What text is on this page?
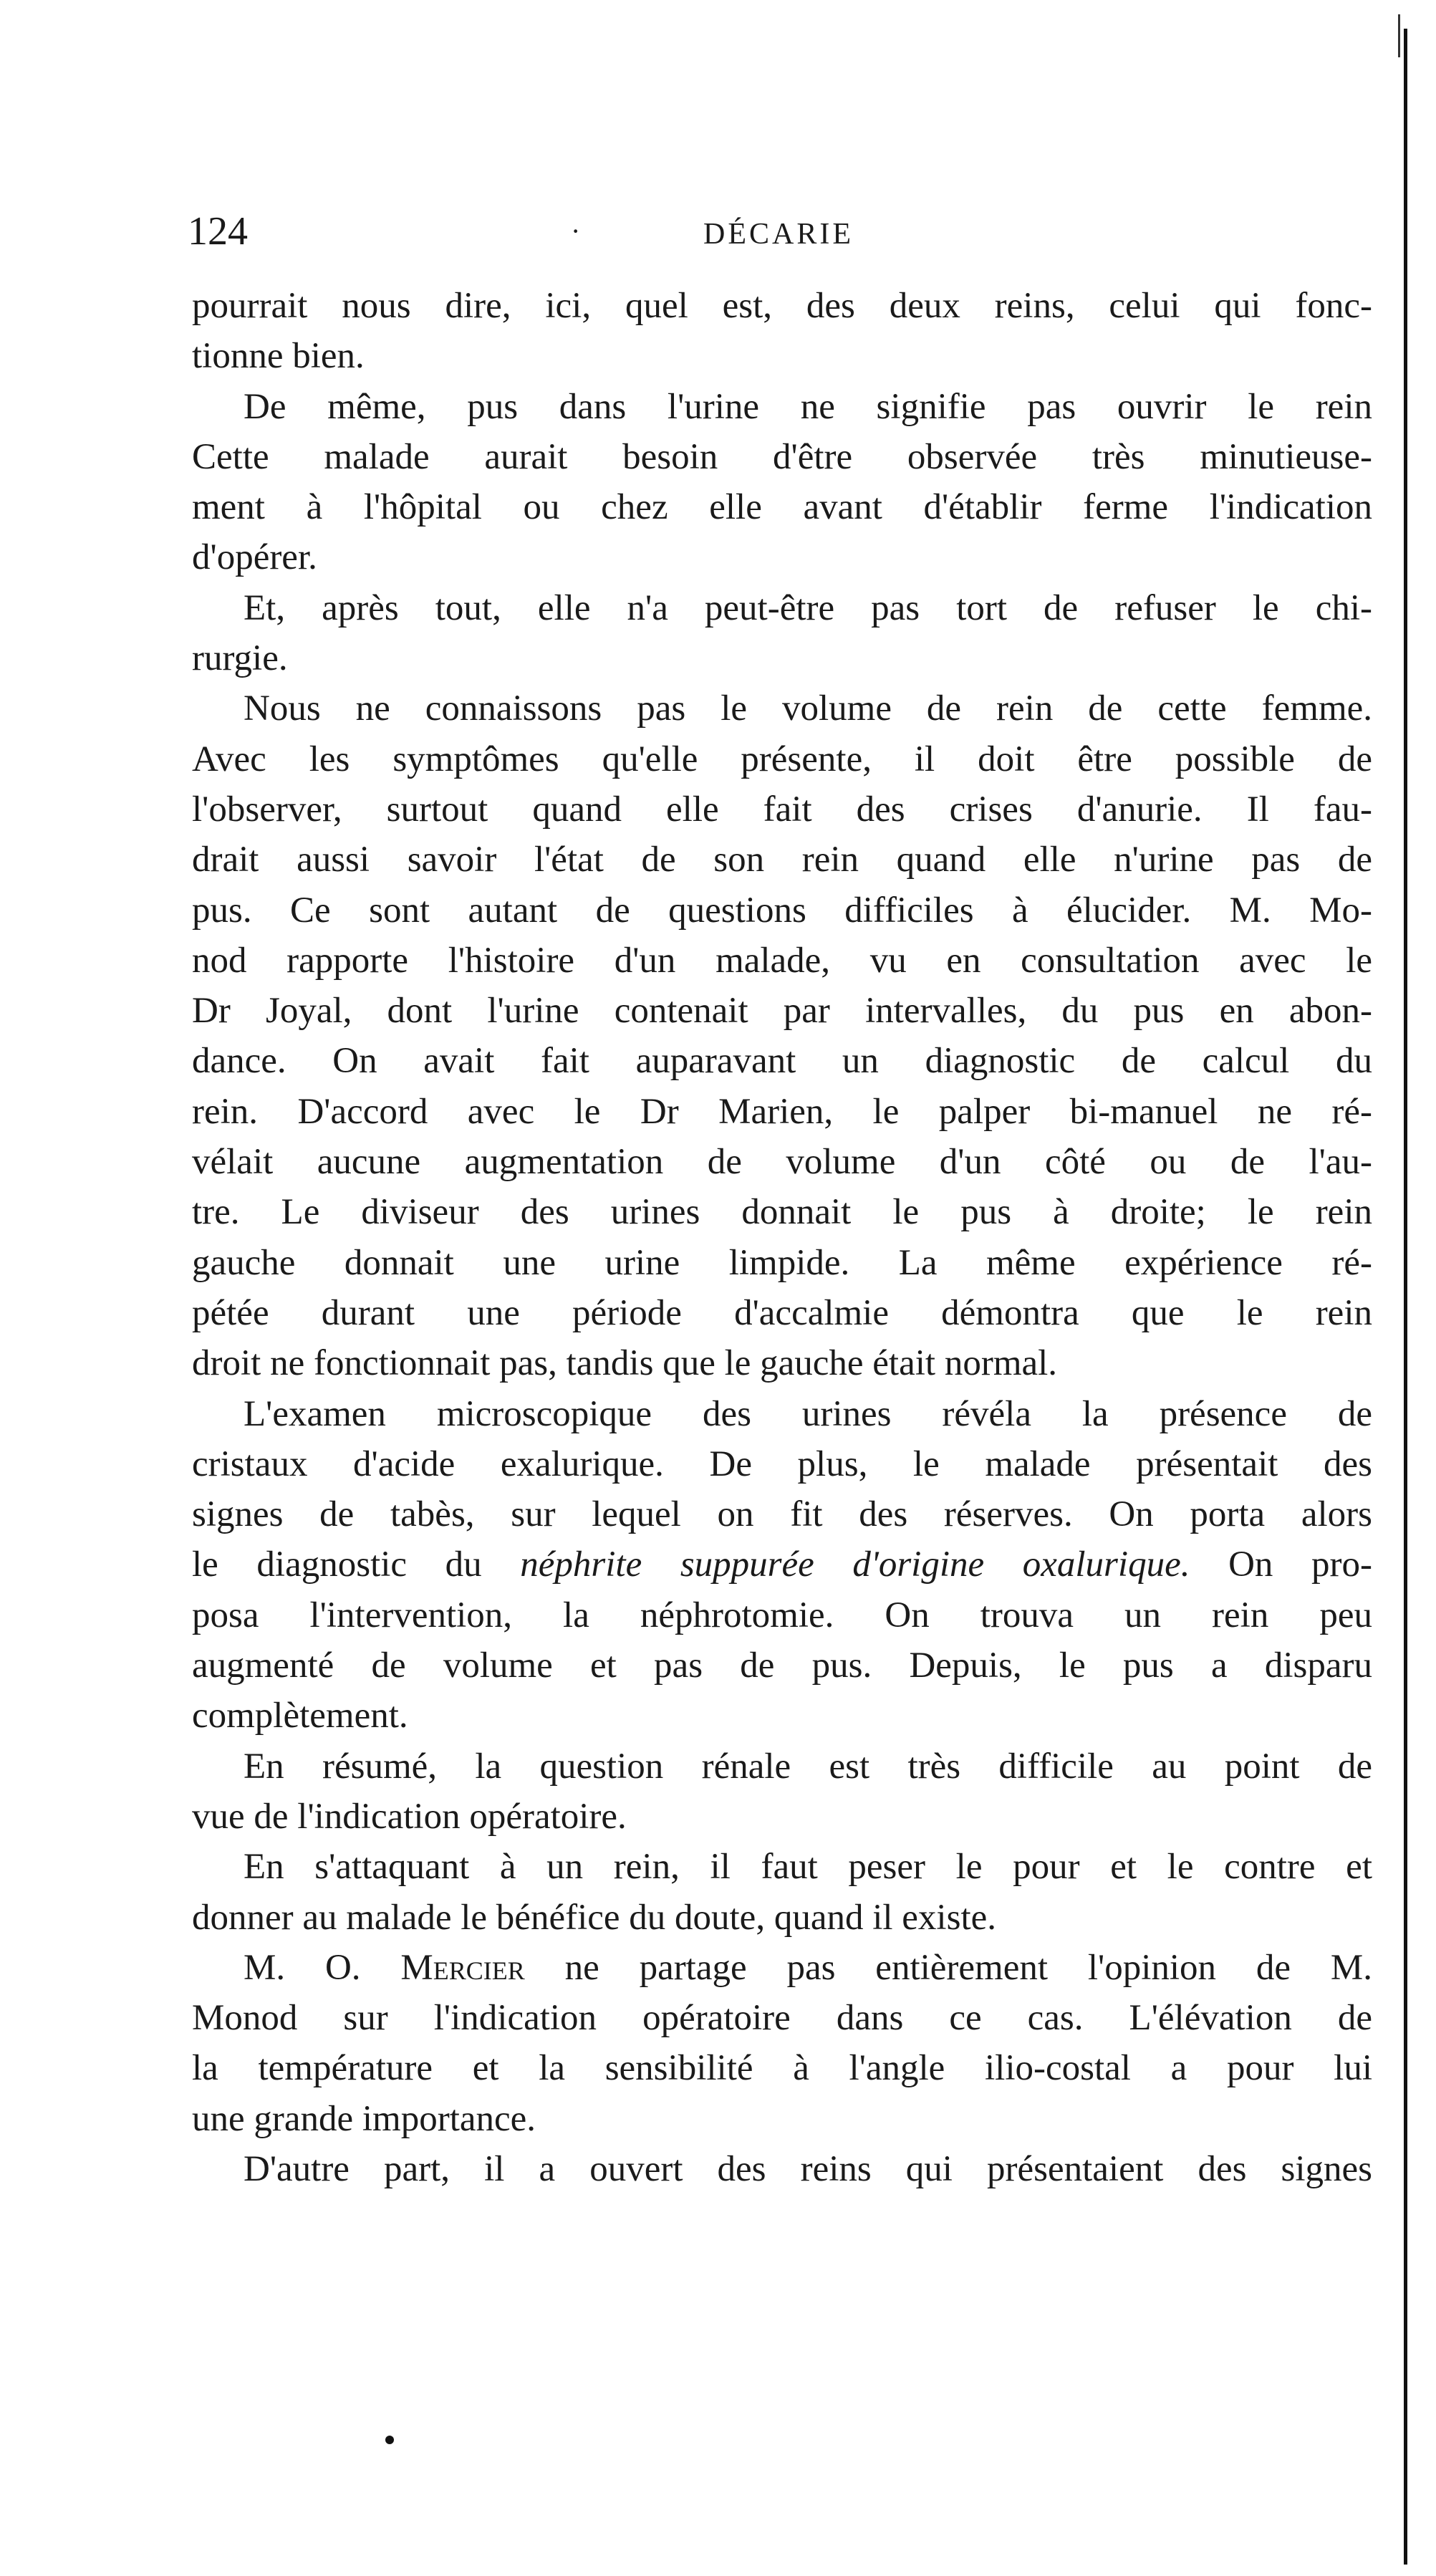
124	·	DÉCARIE
pourrait nous dire, ici, quel est, des deux reins, celui qui fonc-
tionne bien.
De même, pus dans l'urine ne signifie pas ouvrir le rein
Cette malade aurait besoin d'être observée très minutieuse-
ment à l'hôpital ou chez elle avant d'établir ferme l'indication
d'opérer.
Et, après tout, elle n'a peut-être pas tort de refuser le chi-
rurgie.
Nous ne connaissons pas le volume de rein de cette femme.
Avec les symptômes qu'elle présente, il doit être possible de
l'observer, surtout quand elle fait des crises d'anurie. Il fau-
drait aussi savoir l'état de son rein quand elle n'urine pas de
pus. Ce sont autant de questions difficiles à élucider. M. Mo-
nod rapporte l'histoire d'un malade, vu en consultation avec le
Dr Joyal, dont l'urine contenait par intervalles, du pus en abon-
dance. On avait fait auparavant un diagnostic de calcul du
rein. D'accord avec le Dr Marien, le palper bi-manuel ne ré-
vélait aucune augmentation de volume d'un côté ou de l'au-
tre. Le diviseur des urines donnait le pus à droite; le rein
gauche donnait une urine limpide. La même expérience ré-
pétée durant une période d'accalmie démontra que le rein
droit ne fonctionnait pas, tandis que le gauche était normal.
L'examen microscopique des urines révéla la présence de
cristaux d'acide exalurique. De plus, le malade présentait des
signes de tabès, sur lequel on fit des réserves. On porta alors
le diagnostic du néphrite suppurée d'origine oxalurique. On pro-
posa l'intervention, la néphrotomie. On trouva un rein peu
augmenté de volume et pas de pus. Depuis, le pus a disparu
complètement.
En résumé, la question rénale est très difficile au point de
vue de l'indication opératoire.
En s'attaquant à un rein, il faut peser le pour et le contre et
donner au malade le bénéfice du doute, quand il existe.
M. O. Mercier ne partage pas entièrement l'opinion de M.
Monod sur l'indication opératoire dans ce cas. L'élévation de
la température et la sensibilité à l'angle ilio-costal a pour lui
une grande importance.
D'autre part, il a ouvert des reins qui présentaient des signes
